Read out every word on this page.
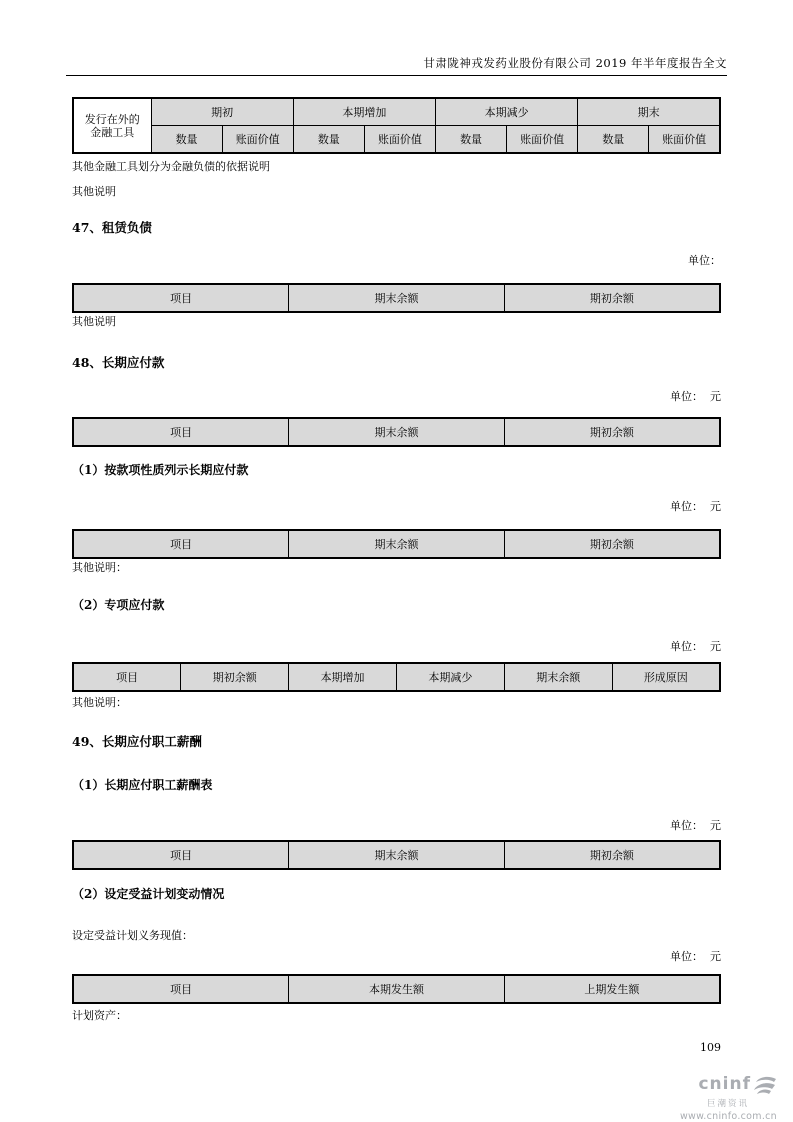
甘肃陇神戎发药业股份有限公司 2019 年半年度报告全文
发行在外的金融工具	期初		本期增加		本期减少		期末	
	数量	账面价值	数量	账面价值	数量	账面价值	数量	账面价值
其他金融工具划分为金融负债的依据说明
其他说明
47、租赁负债
单位：
项目	期末余额	期初余额
其他说明
48、长期应付款
单位：  元
项目	期末余额	期初余额
（1）按款项性质列示长期应付款
单位：  元
项目	期末余额	期初余额
其他说明：
（2）专项应付款
单位：  元
项目	期初余额	本期增加	本期减少	期末余额	形成原因
其他说明：
49、长期应付职工薪酬
（1）长期应付职工薪酬表
单位：  元
项目	期末余额	期初余额
（2）设定受益计划变动情况
设定受益计划义务现值：
单位：  元
项目	本期发生额	上期发生额
计划资产：
109
cninf
巨潮资讯
www.cninfo.com.cn
